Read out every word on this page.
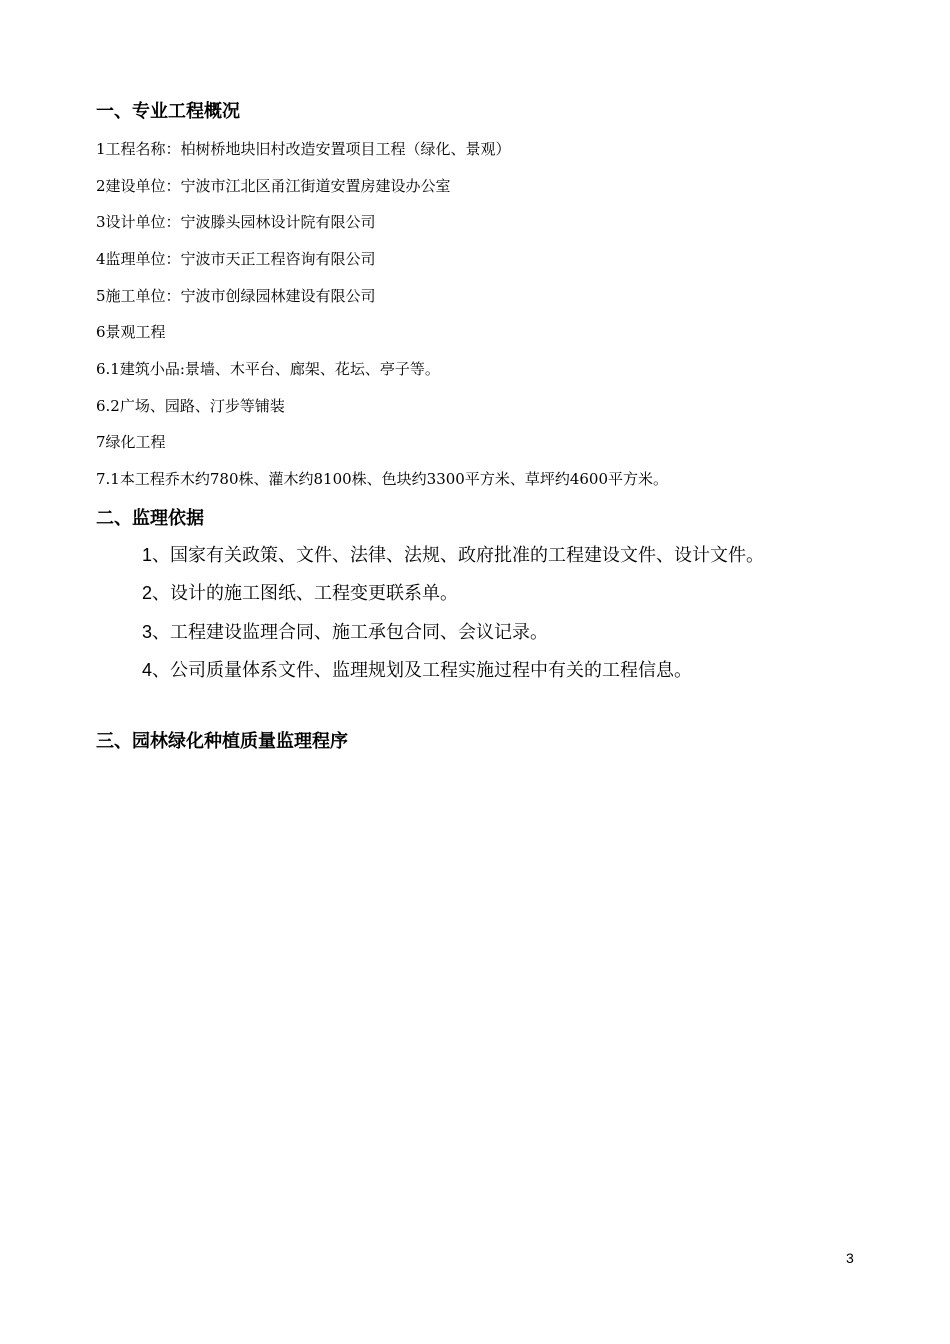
一、专业工程概况
1工程名称：柏树桥地块旧村改造安置项目工程（绿化、景观）
2建设单位：宁波市江北区甬江街道安置房建设办公室
3设计单位：宁波滕头园林设计院有限公司
4监理单位：宁波市天正工程咨询有限公司
5施工单位：宁波市创绿园林建设有限公司
6景观工程
6.1建筑小品:景墙、木平台、廊架、花坛、亭子等。
6.2广场、园路、汀步等铺装
7绿化工程
7.1本工程乔木约780株、灌木约8100株、色块约3300平方米、草坪约4600平方米。
二、监理依据
1、国家有关政策、文件、法律、法规、政府批准的工程建设文件、设计文件。
2、设计的施工图纸、工程变更联系单。
3、工程建设监理合同、施工承包合同、会议记录。
4、公司质量体系文件、监理规划及工程实施过程中有关的工程信息。
三、园林绿化种植质量监理程序
3
